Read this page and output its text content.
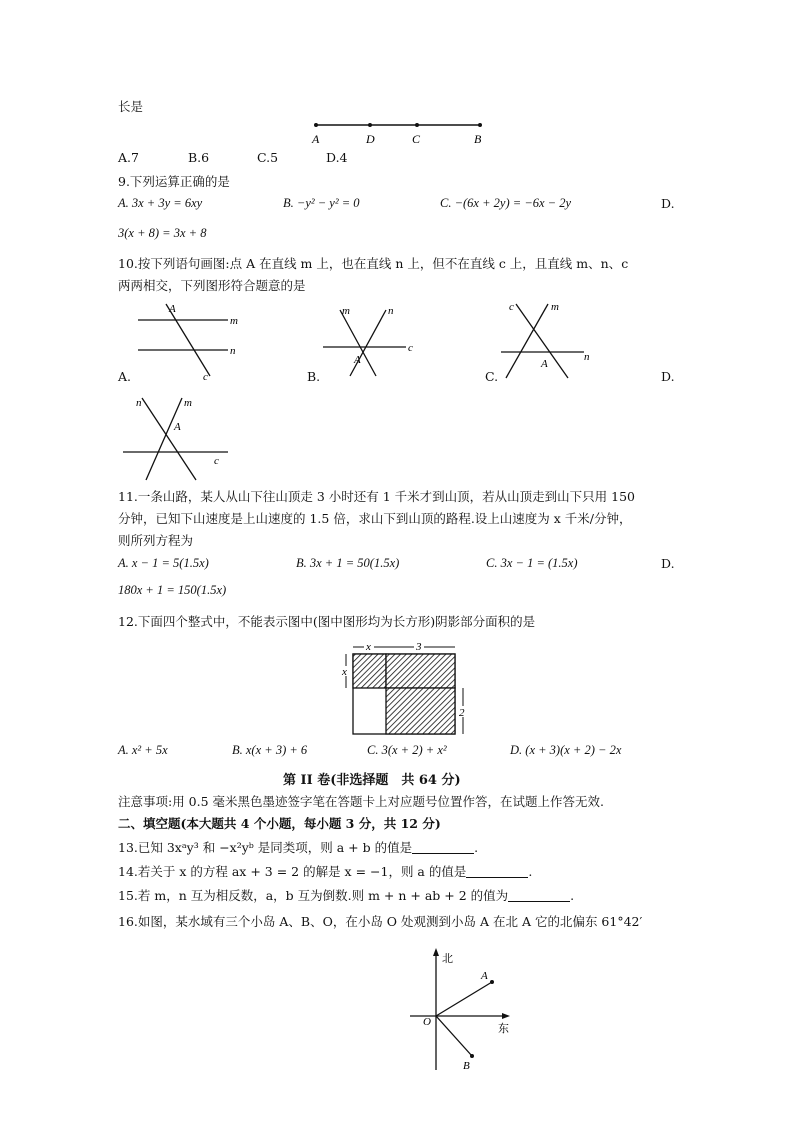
长是
A	D	C	B
A.7	B.6	C.5	D.4
9.下列运算正确的是
A. 3x + 3y = 6xy	B. −y² − y² = 0	C. −(6x + 2y) = −6x − 2y	D.
3(x + 8) = 3x + 8
10.按下列语句画图:点 A 在直线 m 上，也在直线 n 上，但不在直线 c 上，且直线 m、n、c
两两相交，下列图形符合题意的是
A
m
n
c
A.
m	n
A
c
B.
c	m
A
n
C.	D.
n	m
A
c
11.一条山路，某人从山下往山顶走 3 小时还有 1 千米才到山顶，若从山顶走到山下只用 150
分钟，已知下山速度是上山速度的 1.5 倍，求山下到山顶的路程.设上山速度为 x 千米/分钟，
则所列方程为
A. x − 1 = 5(1.5x)	B. 3x + 1 = 50(1.5x)	C. 3x − 1 = (1.5x)	D.
180x + 1 = 150(1.5x)
12.下面四个整式中，不能表示图中(图中图形均为长方形)阴影部分面积的是
x	3
x
2
A. x² + 5x	B. x(x + 3) + 6	C. 3(x + 2) + x²	D. (x + 3)(x + 2) − 2x
第 II 卷(非选择题　共 64 分)
注意事项:用 0.5 毫米黑色墨迹签字笔在答题卡上对应题号位置作答，在试题上作答无效.
二、填空题(本大题共 4 个小题，每小题 3 分，共 12 分)
13.已知 3xᵃy³ 和 −x²yᵇ 是同类项，则 a + b 的值是	.
14.若关于 x 的方程 ax + 3 = 2 的解是 x = −1，则 a 的值是	.
15.若 m，n 互为相反数，a，b 互为倒数.则 m + n + ab + 2 的值为	.
16.如图，某水域有三个小岛 A、B、O，在小岛 O 处观测到小岛 A 在北 A 它的北偏东 61°42′
北
A
O	东
B
